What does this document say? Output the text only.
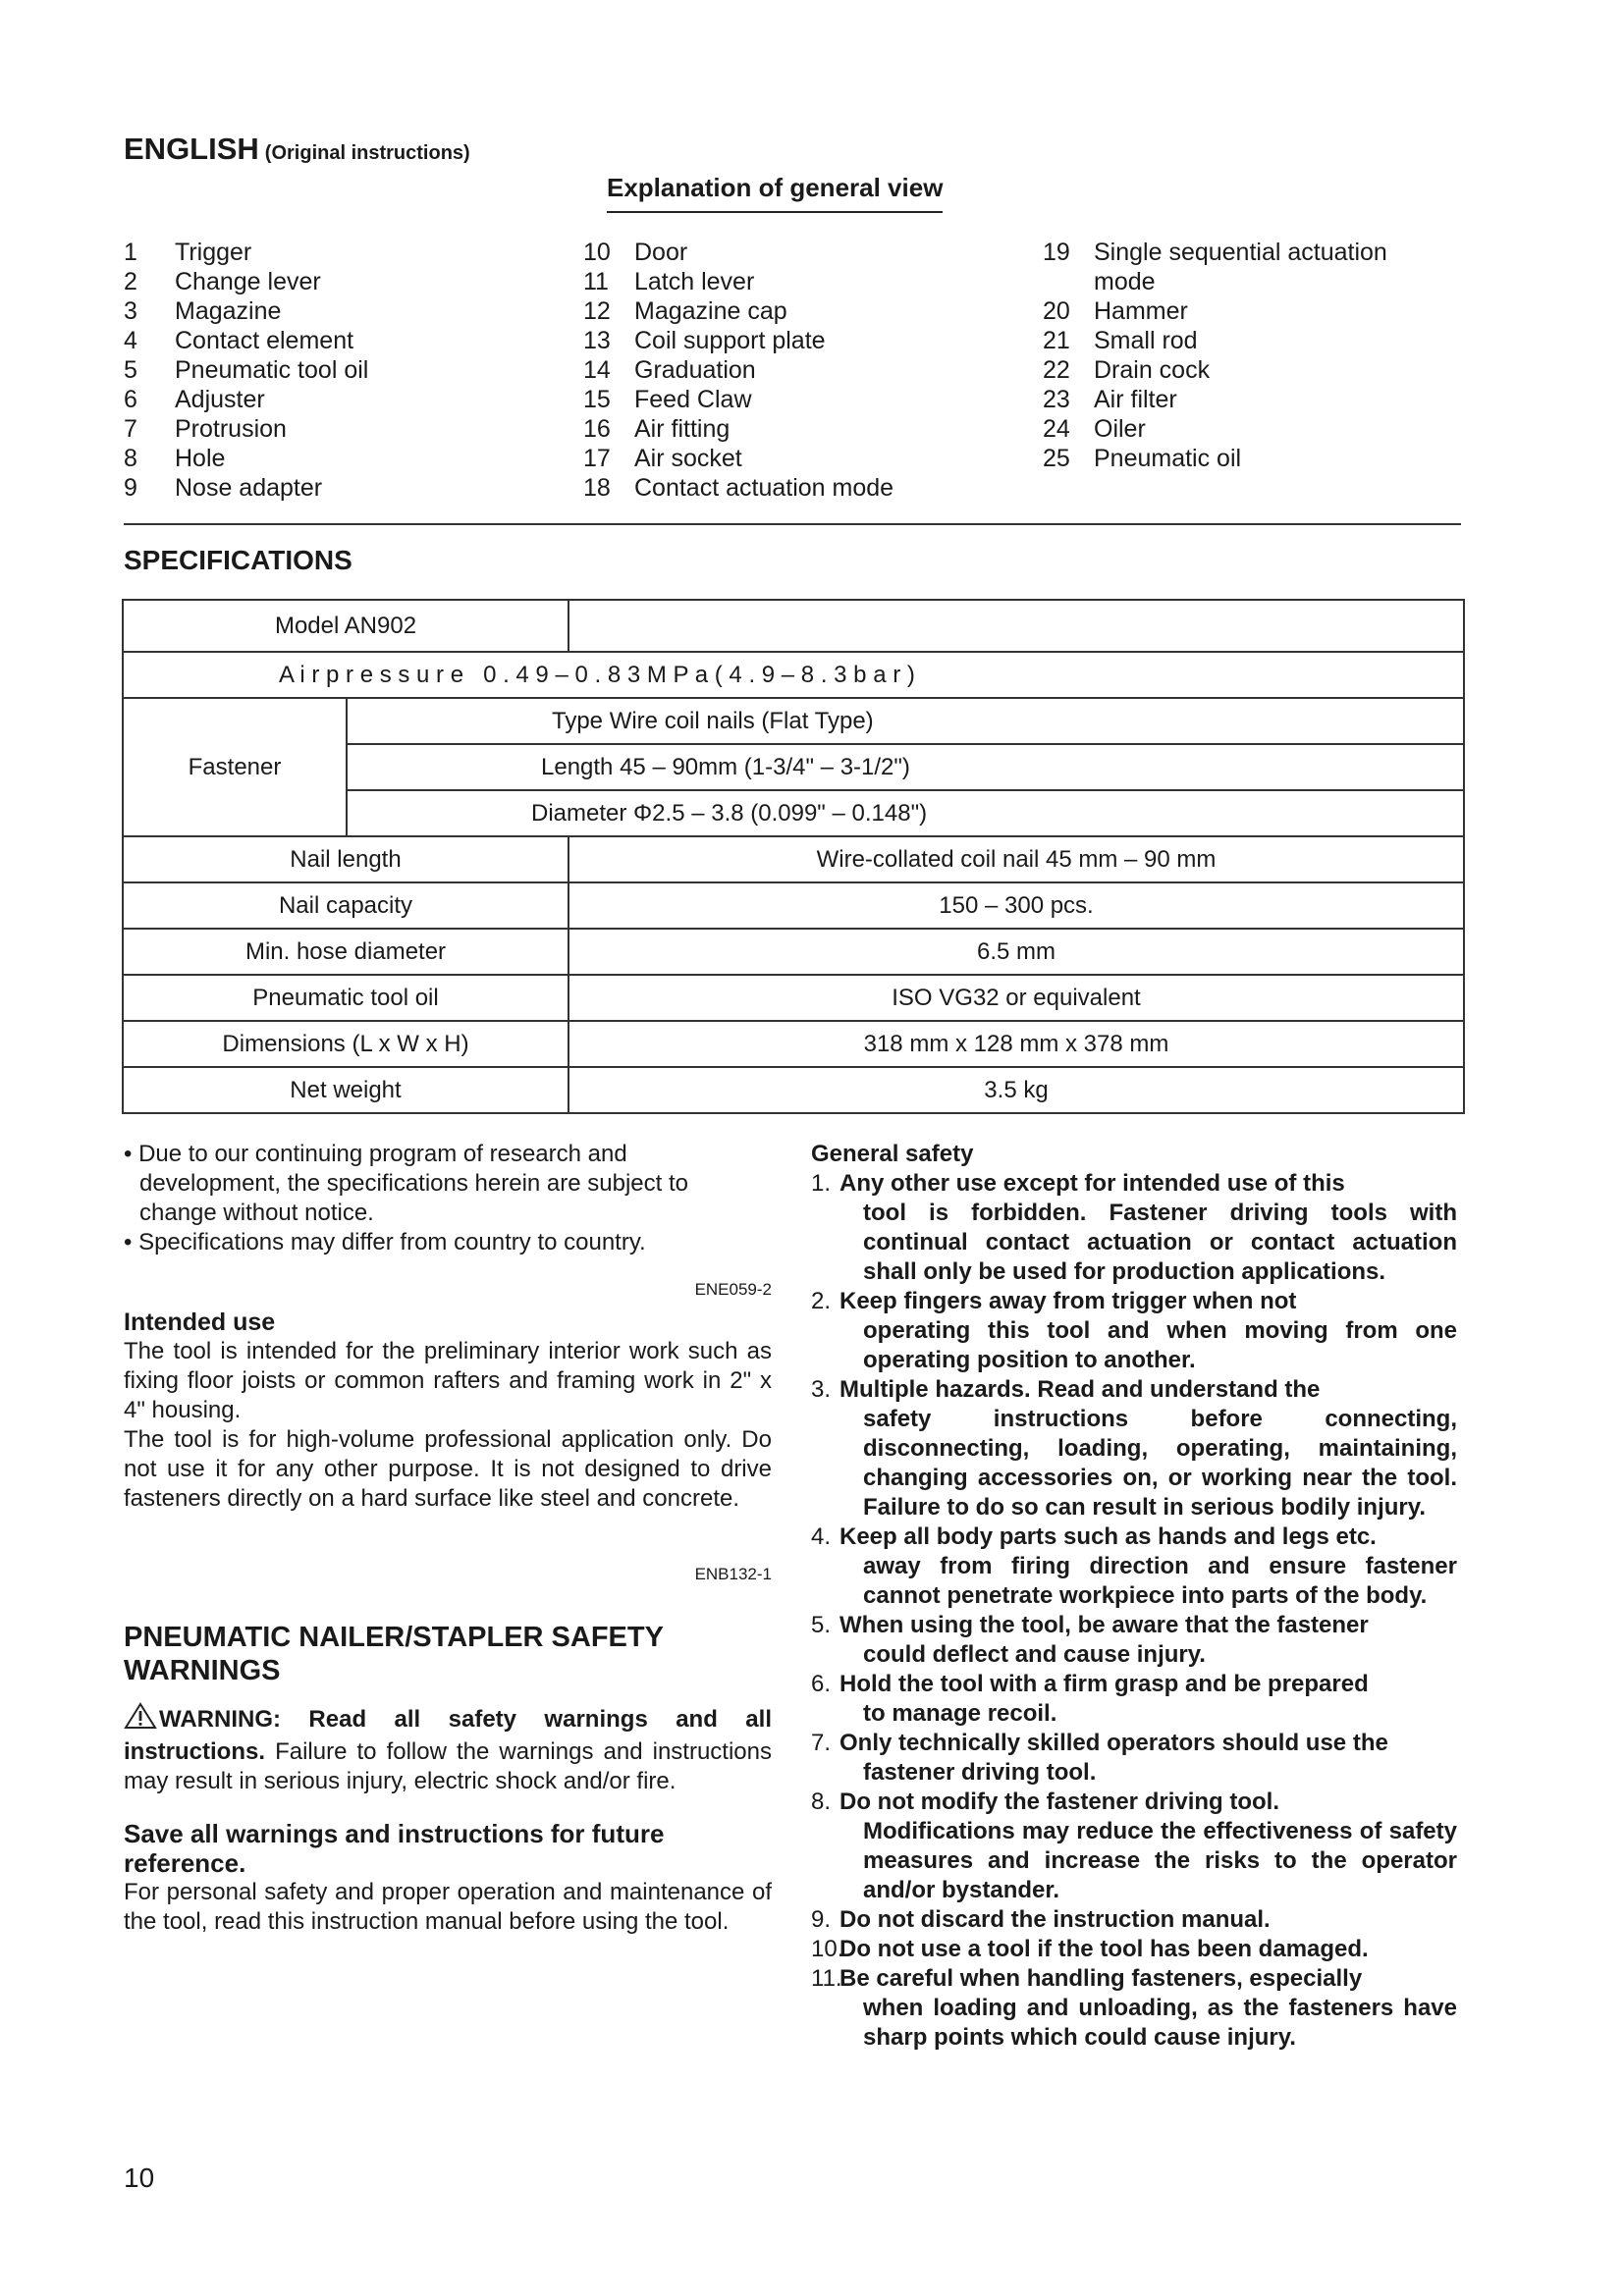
ENGLISH (Original instructions)
Explanation of general view
1	Trigger
2	Change lever
3	Magazine
4	Contact element
5	Pneumatic tool oil
6	Adjuster
7	Protrusion
8	Hole
9	Nose adapter
10 Door
11	Latch lever
12 Magazine cap
13 Coil support plate
14 Graduation
15 Feed Claw
16 Air fitting
17 Air socket
18 Contact actuation mode
19 Single sequential actuation mode
20 Hammer
21 Small rod
22 Drain cock
23 Air filter
24 Oiler
25 Pneumatic oil
SPECIFICATIONS
Model AN902		
A i r p r e s s u r e   0 . 4 9 – 0 . 8 3 M P a ( 4 . 9 – 8 . 3 b a r )		
Fastener	Type Wire coil nails (Flat Type)	
	Length 45 – 90mm (1-3/4" – 3-1/2")	
	Diameter Φ2.5 – 3.8 (0.099" – 0.148")	
Nail length		Wire-collated coil nail 45 mm – 90 mm
Nail capacity		150 – 300 pcs.
Min. hose diameter		6.5 mm
Pneumatic tool oil		ISO VG32 or equivalent
Dimensions (L x W x H)		318 mm x 128 mm x 378 mm
Net weight		3.5 kg
• Due to our continuing program of research and development, the specifications herein are subject to change without notice.
• Specifications may differ from country to country.
ENE059-2
Intended use
The tool is intended for the preliminary interior work such as fixing floor joists or common rafters and framing work in 2" x 4" housing.
The tool is for high-volume professional application only. Do not use it for any other purpose. It is not designed to drive fasteners directly on a hard surface like steel and concrete.
ENB132-1
PNEUMATIC NAILER/STAPLER SAFETY WARNINGS
WARNING: Read all safety warnings and all instructions. Failure to follow the warnings and instructions may result in serious injury, electric shock and/or fire.
Save all warnings and instructions for future reference.
For personal safety and proper operation and maintenance of the tool, read this instruction manual before using the tool.
General safety
1. Any other use except for intended use of this
tool is forbidden. Fastener driving tools with continual contact actuation or contact actuation shall only be used for production applications.
2. Keep fingers away from trigger when not
operating this tool and when moving from one operating position to another.
3. Multiple hazards. Read and understand the
safety instructions before connecting, disconnecting, loading, operating, maintaining, changing accessories on, or working near the tool. Failure to do so can result in serious bodily injury.
4. Keep all body parts such as hands and legs etc.
away from firing direction and ensure fastener cannot penetrate workpiece into parts of the body.
5. When using the tool, be aware that the fastener
could deflect and cause injury.
6. Hold the tool with a firm grasp and be prepared
to manage recoil.
7. Only technically skilled operators should use the
fastener driving tool.
8. Do not modify the fastener driving tool.
Modifications may reduce the effectiveness of safety measures and increase the risks to the operator and/or bystander.
9. Do not discard the instruction manual.
10.
Do not use a tool if the tool has been damaged.
11.
Be careful when handling fasteners, especially
when loading and unloading, as the fasteners have sharp points which could cause injury.
10
